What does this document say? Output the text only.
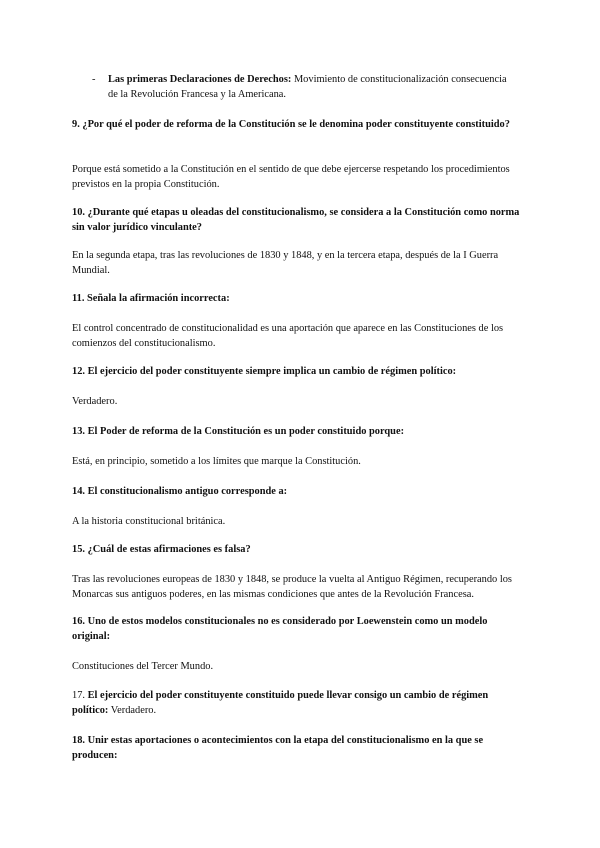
- Las primeras Declaraciones de Derechos: Movimiento de constitucionalización consecuencia de la Revolución Francesa y la Americana.
9. ¿Por qué el poder de reforma de la Constitución se le denomina poder constituyente constituido?
Porque está sometido a la Constitución en el sentido de que debe ejercerse respetando los procedimientos previstos en la propia Constitución.
10. ¿Durante qué etapas u oleadas del constitucionalismo, se considera a la Constitución como norma sin valor jurídico vinculante?
En la segunda etapa, tras las revoluciones de 1830 y 1848, y en la tercera etapa, después de la I Guerra Mundial.
11. Señala la afirmación incorrecta:
El control concentrado de constitucionalidad es una aportación que aparece en las Constituciones de los comienzos del constitucionalismo.
12. El ejercicio del poder constituyente siempre implica un cambio de régimen político:
Verdadero.
13. El Poder de reforma de la Constitución es un poder constituido porque:
Está, en principio, sometido a los límites que marque la Constitución.
14. El constitucionalismo antiguo corresponde a:
A la historia constitucional británica.
15. ¿Cuál de estas afirmaciones es falsa?
Tras las revoluciones europeas de 1830 y 1848, se produce la vuelta al Antiguo Régimen, recuperando los Monarcas sus antiguos poderes, en las mismas condiciones que antes de la Revolución Francesa.
16. Uno de estos modelos constitucionales no es considerado por Loewenstein como un modelo original:
Constituciones del Tercer Mundo.
17. El ejercicio del poder constituyente constituido puede llevar consigo un cambio de régimen político: Verdadero.
18. Unir estas aportaciones o acontecimientos con la etapa del constitucionalismo en la que se producen:
